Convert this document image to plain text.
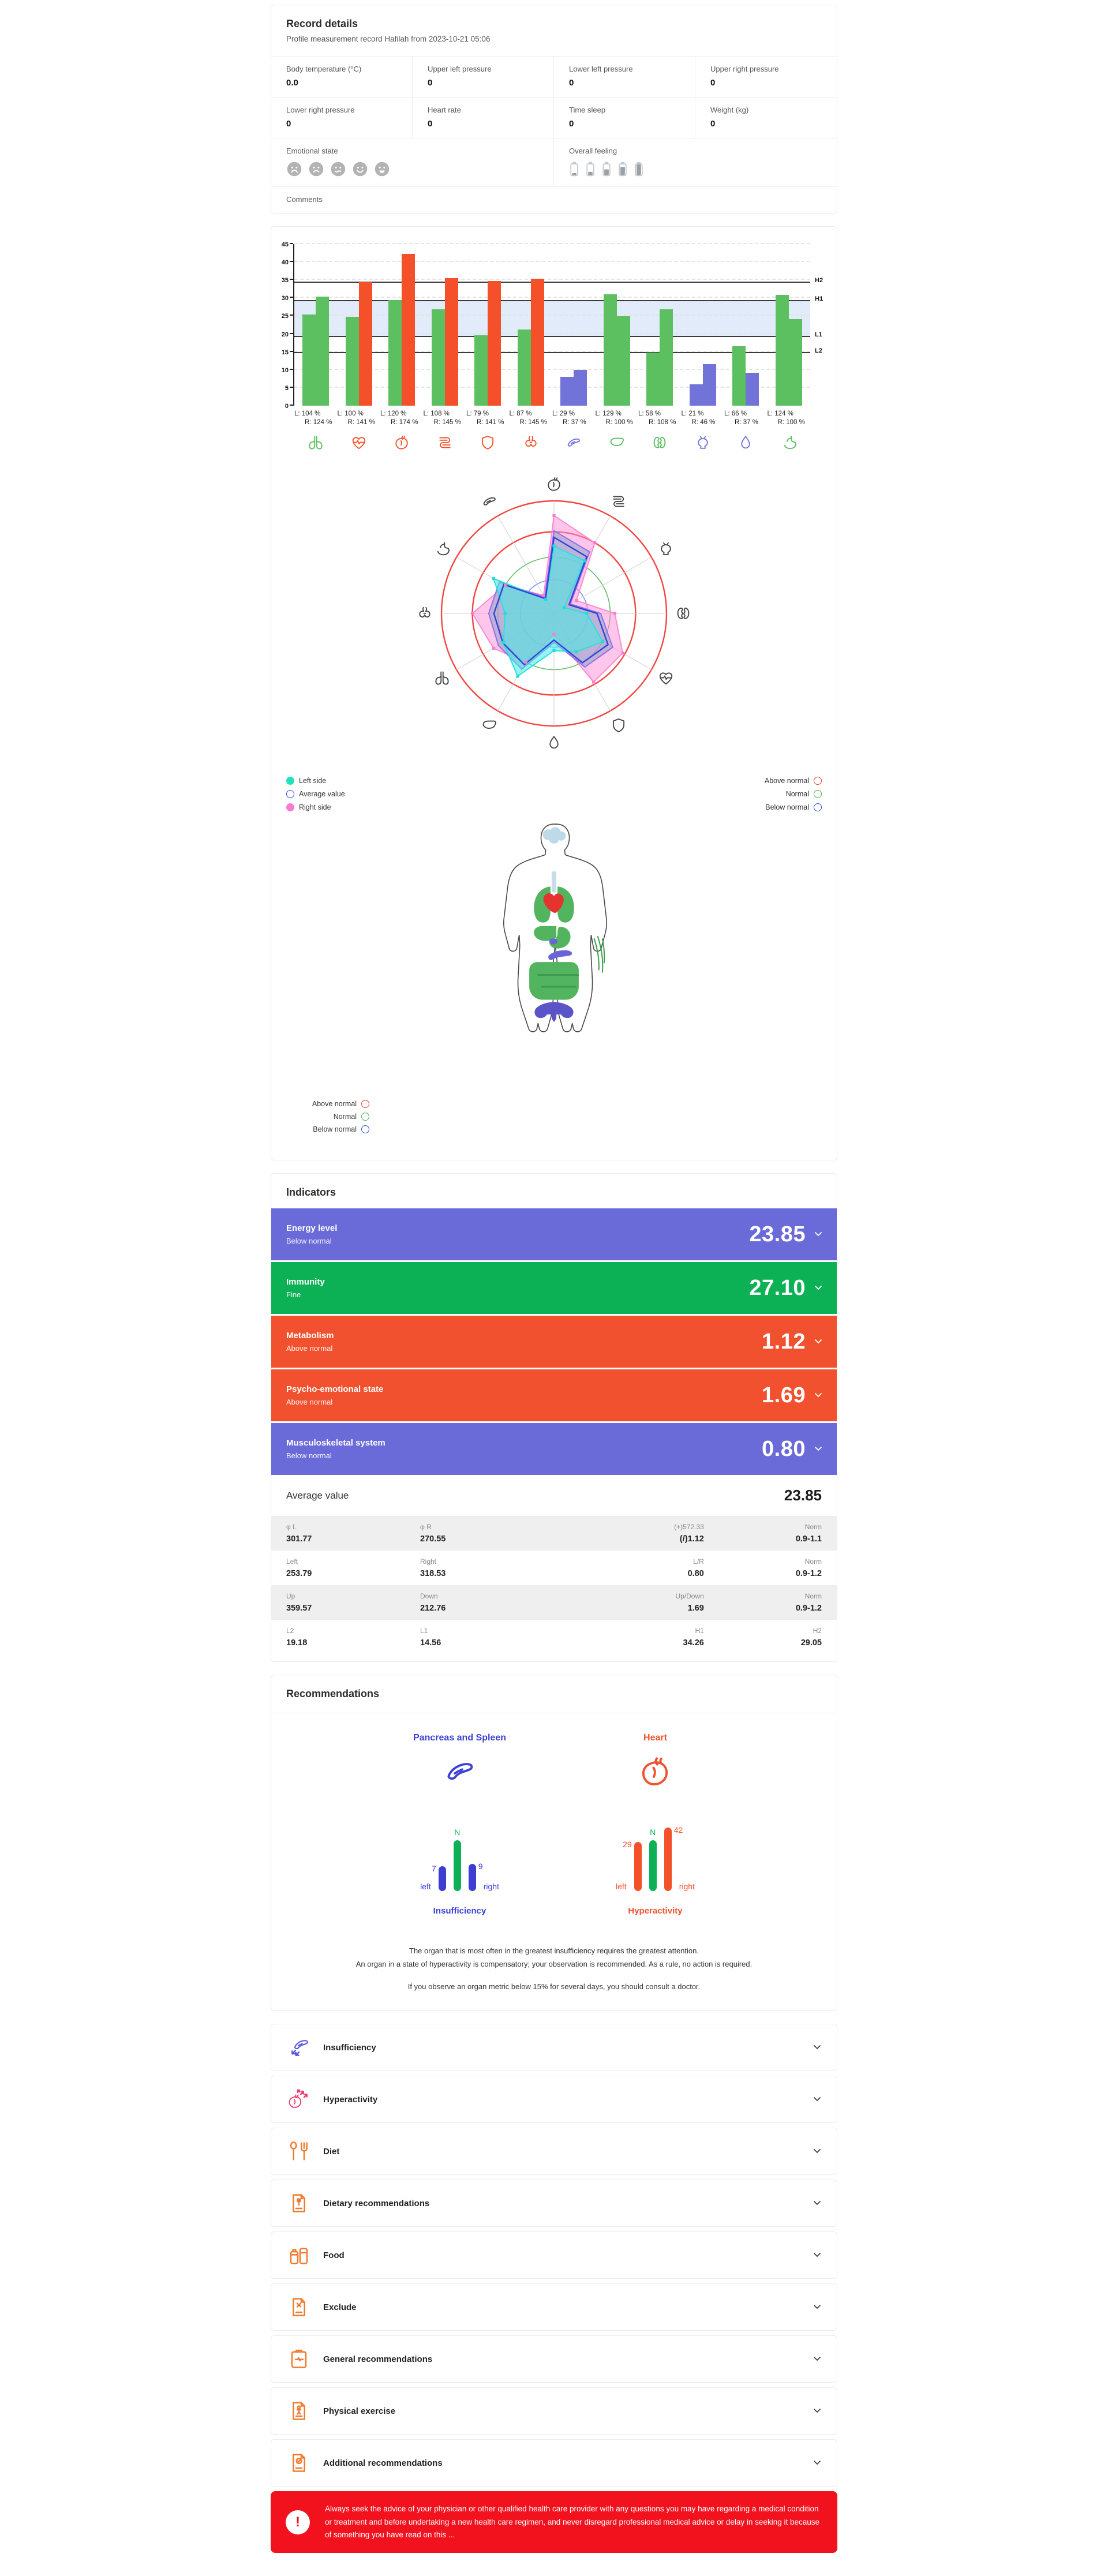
Record details
Profile measurement record Hafilah from 2023-10-21 05:06
Body temperature (°C)
0.0
Upper left pressure
0
Lower left pressure
0
Upper right pressure
0
Lower right pressure
0
Heart rate
0
Time sleep
0
Weight (kg)
0
Emotional state	Overall feeling
Comments
0
5
10
15
20
25
30
35
40
45
H2
H1
L1
L2
L: 104 %
R: 124 %
L: 100 %
R: 141 %
L: 120 %
R: 174 %
L: 108 %
R: 145 %
L: 79 %
R: 141 %
L: 87 %
R: 145 %
L: 29 %
R: 37 %
L: 129 %
R: 100 %
L: 58 %
R: 108 %
L: 21 %
R: 46 %
L: 66 %
R: 37 %
L: 124 %
R: 100 %
Left side
Average value
Right side
Above normal
Normal
Below normal
Above normal
Normal
Below normal
Indicators
Energy level
Below normal	23.85
Immunity
Fine	27.10
Metabolism
Above normal	1.12
Psycho-emotional state
Above normal	1.69
Musculoskeletal system
Below normal	0.80
Average value	23.85
φ L
301.77
φ R
270.55
(+)572.33
(/)1.12
Norm
0.9-1.1
Left
253.79
Right
318.53
L/R
0.80
Norm
0.9-1.2
Up
359.57
Down
212.76
Up/Down
1.69
Norm
0.9-1.2
L2
19.18
L1
14.56
H1
34.26
H2
29.05
Recommendations
Pancreas and Spleen
left
7
N
9
right
Insufficiency
Heart
left
29
N 42
right
Hyperactivity
The organ that is most often in the greatest insufficiency requires the greatest attention.
An organ in a state of hyperactivity is compensatory; your observation is recommended. As a rule, no action is required.
If you observe an organ metric below 15% for several days, you should consult a doctor.
Insufficiency
Hyperactivity
Diet
Dietary recommendations
Food
Exclude
General recommendations
Physical exercise
Additional recommendations
!
Always seek the advice of your physician or other qualified health care provider with any questions you may have regarding a medical condition or treatment and before undertaking a new health care regimen, and never disregard professional medical advice or delay in seeking it because of something you have read on this ...
